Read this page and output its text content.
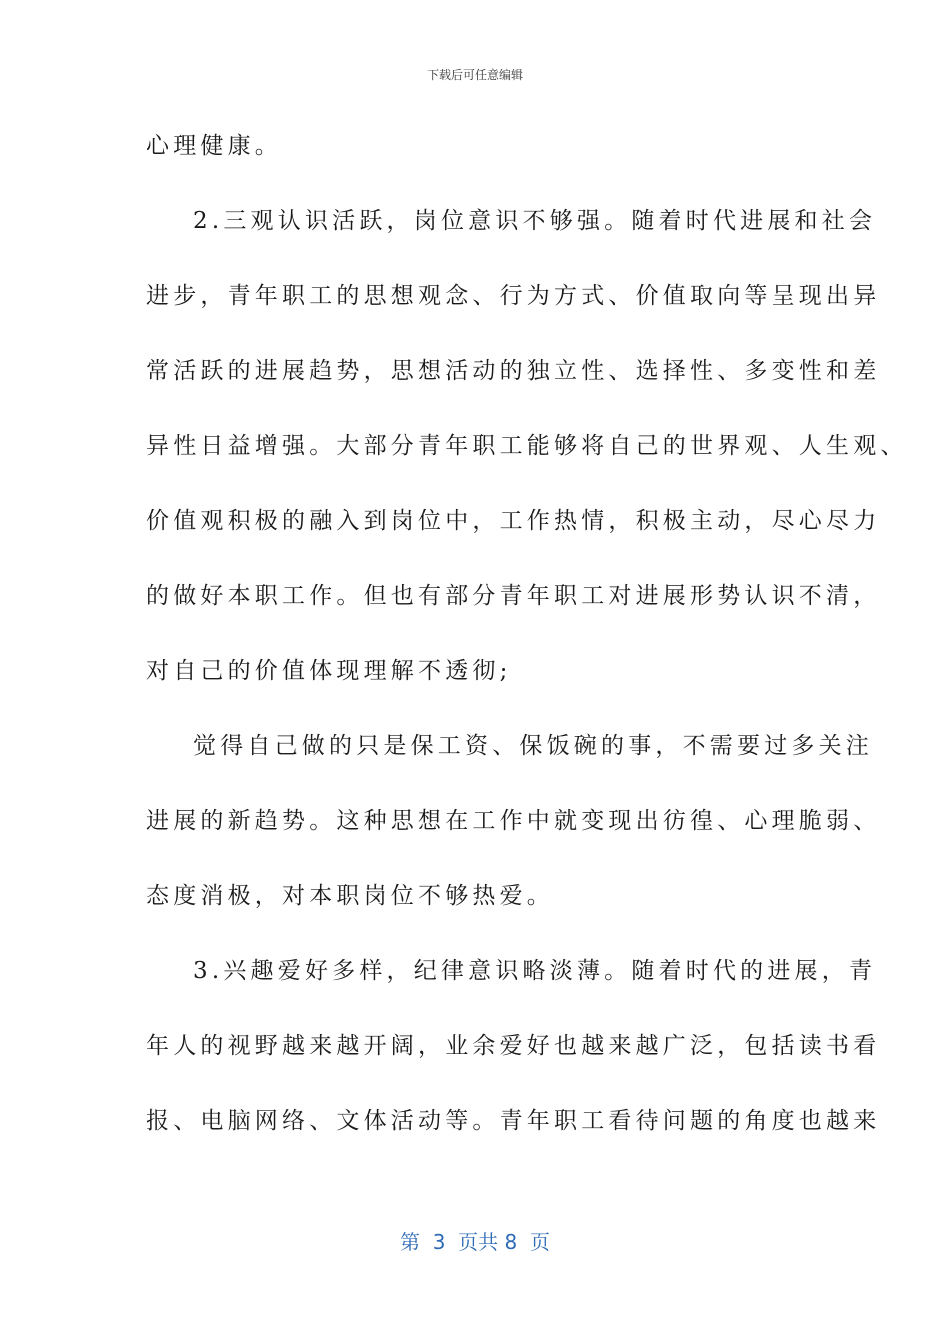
下载后可任意编辑
心理健康。
2.三观认识活跃，岗位意识不够强。随着时代进展和社会
进步，青年职工的思想观念、行为方式、价值取向等呈现出异
常活跃的进展趋势，思想活动的独立性、选择性、多变性和差
异性日益增强。大部分青年职工能够将自己的世界观、人生观、
价值观积极的融入到岗位中，工作热情，积极主动，尽心尽力
的做好本职工作。但也有部分青年职工对进展形势认识不清，
对自己的价值体现理解不透彻;
觉得自己做的只是保工资、保饭碗的事，不需要过多关注
进展的新趋势。这种思想在工作中就变现出彷徨、心理脆弱、
态度消极，对本职岗位不够热爱。
3.兴趣爱好多样，纪律意识略淡薄。随着时代的进展，青
年人的视野越来越开阔，业余爱好也越来越广泛，包括读书看
报、电脑网络、文体活动等。青年职工看待问题的角度也越来
第  3  页共 8  页
